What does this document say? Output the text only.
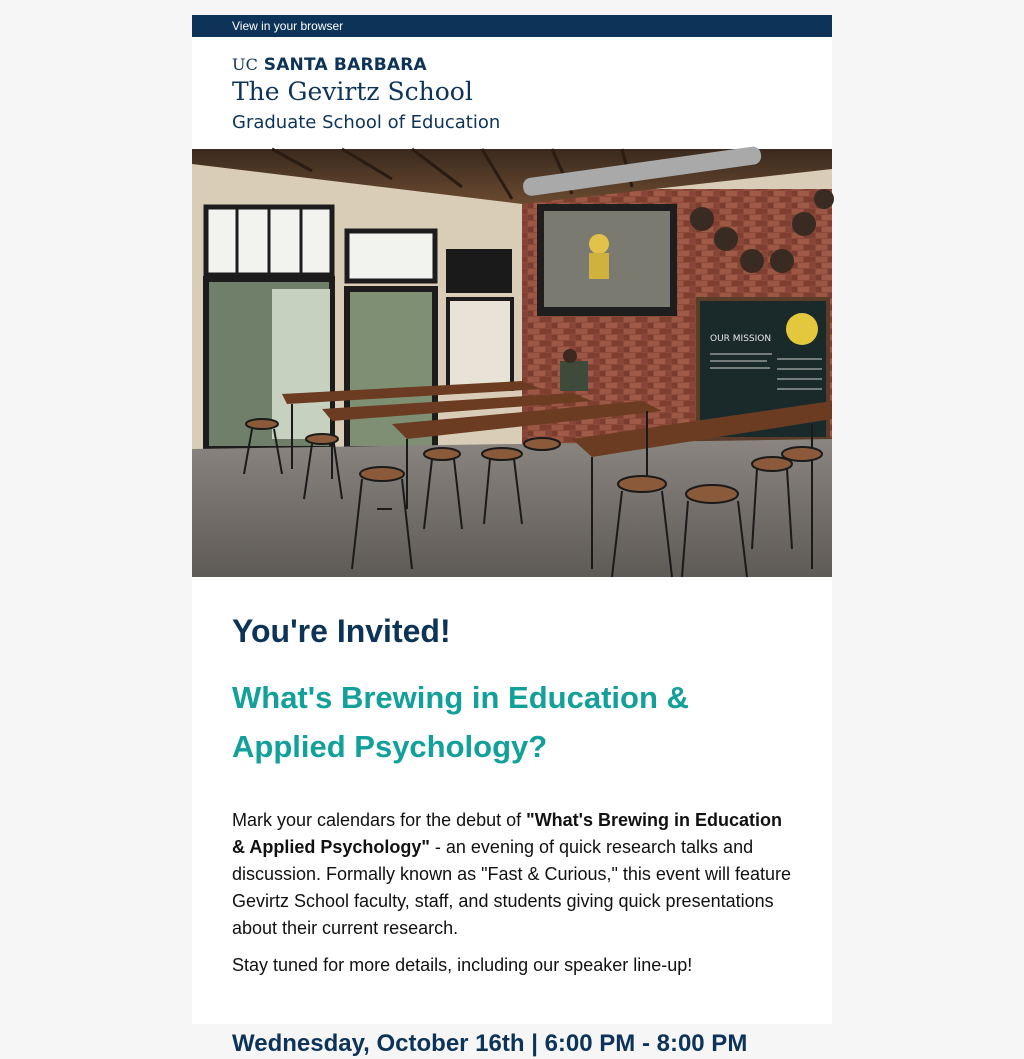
View in your browser
UC SANTA BARBARA
The Gevirtz School
Graduate School of Education
OUR MISSION
You're Invited!
What's Brewing in Education & Applied Psychology?

Mark your calendars for the debut of "What's Brewing in Education & Applied Psychology" - an evening of quick research talks and discussion. Formally known as "Fast & Curious," this event will feature Gevirtz School faculty, staff, and students giving quick presentations about their current research.

Stay tuned for more details, including our speaker line-up!

Wednesday, October 16th | 6:00 PM - 8:00 PM
